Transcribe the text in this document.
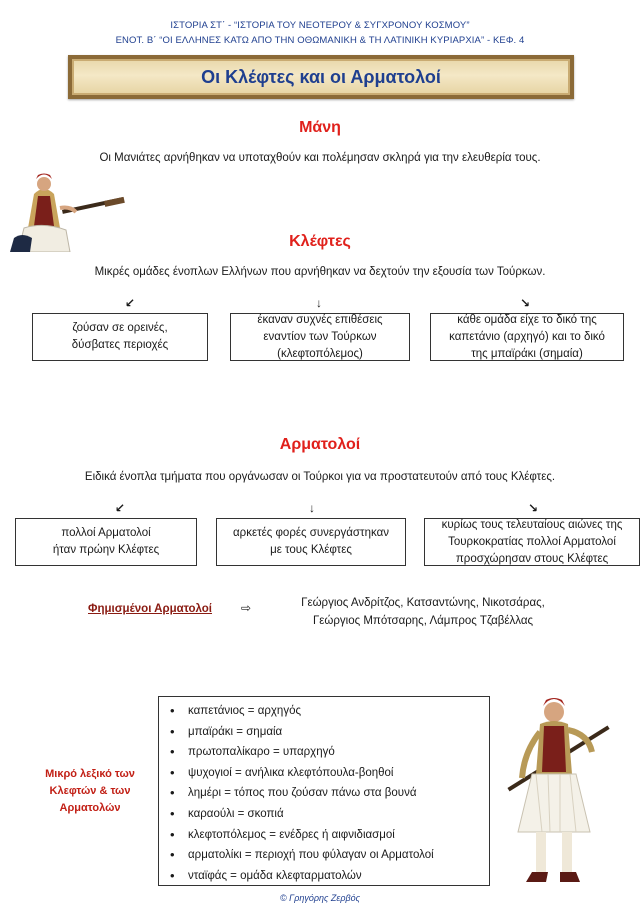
ΙΣΤΟΡΙΑ ΣΤ΄ - “ΙΣΤΟΡΙΑ ΤΟΥ ΝΕΟΤΕΡΟΥ & ΣΥΓΧΡΟΝΟΥ ΚΟΣΜΟΥ”
ΕΝΟΤ. Β΄ “ΟΙ ΕΛΛΗΝΕΣ ΚΑΤΩ ΑΠΟ ΤΗΝ ΟΘΩΜΑΝΙΚΗ & ΤΗ ΛΑΤΙΝΙΚΗ ΚΥΡΙΑΡΧΙΑ” - ΚΕΦ. 4
Οι Κλέφτες και οι Αρματολοί
Μάνη
Οι Μανιάτες αρνήθηκαν να υποταχθούν και πολέμησαν σκληρά για την ελευθερία τους.
Κλέφτες
Μικρές ομάδες ένοπλων Ελλήνων που αρνήθηκαν να δεχτούν την εξουσία των Τούρκων.
↙	↓	↘
ζούσαν σε ορεινές,
δύσβατες περιοχές
έκαναν συχνές επιθέσεις
εναντίον των Τούρκων
(κλεφτοπόλεμος)
κάθε ομάδα είχε το δικό της
καπετάνιο (αρχηγό) και το δικό
της μπαϊράκι (σημαία)
Αρματολοί
Ειδικά ένοπλα τμήματα που οργάνωσαν οι Τούρκοι για να προστατευτούν από τους Κλέφτες.
↙	↓	↘
πολλοί Αρματολοί
ήταν πρώην Κλέφτες
αρκετές φορές συνεργάστηκαν
με τους Κλέφτες
κυρίως τους τελευταίους αιώνες της
Τουρκοκρατίας πολλοί Αρματολοί
προσχώρησαν στους Κλέφτες
Φημισμένοι Αρματολοί ⇨	Γεώργιος Ανδρίτζος, Κατσαντώνης, Νικοτσάρας,
Γεώργιος Μπότσαρης, Λάμπρος Τζαβέλλας
Μικρό λεξικό των
Κλεφτών & των
Αρματολών
• καπετάνιος = αρχηγός
• μπαϊράκι = σημαία
• πρωτοπαλίκαρο = υπαρχηγό
• ψυχογιοί = ανήλικα κλεφτόπουλα-βοηθοί
• λημέρι = τόπος που ζούσαν πάνω στα βουνά
• καραούλι = σκοπιά
• κλεφτοπόλεμος = ενέδρες ή αιφνιδιασμοί
• αρματολίκι = περιοχή που φύλαγαν οι Αρματολοί
• νταϊφάς = ομάδα κλεφταρματολών
© Γρηγόρης Ζερβός
